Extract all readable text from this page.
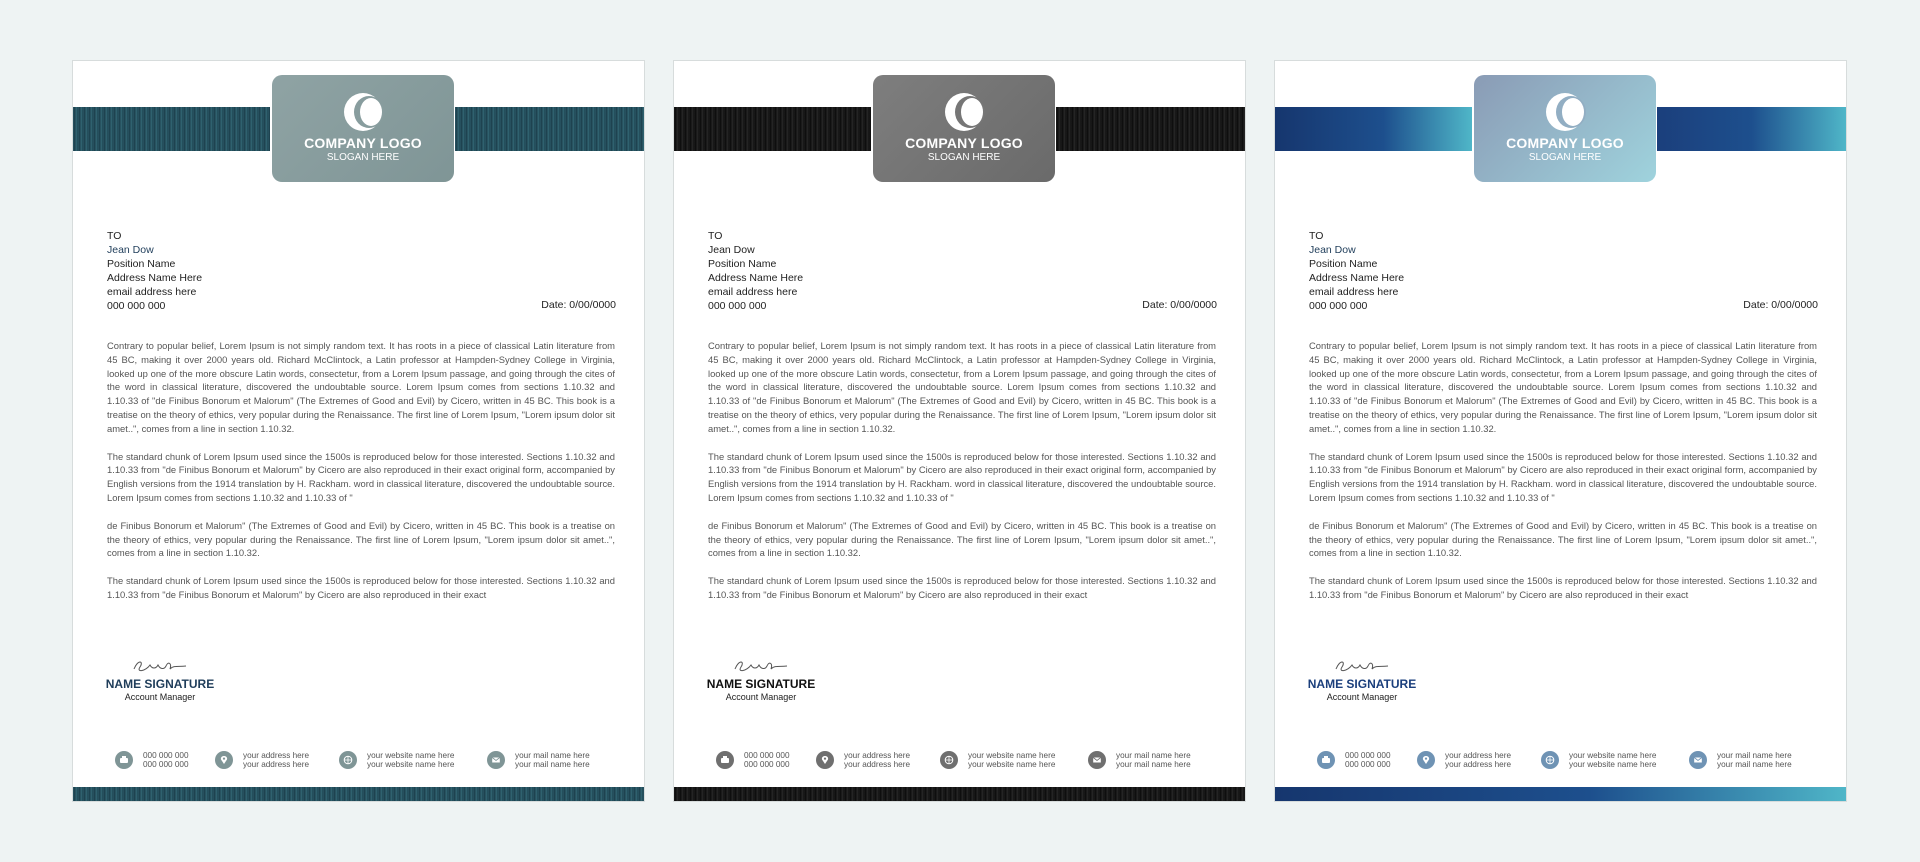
COMPANY LOGO
SLOGAN HERE
TO
Jean Dow
Position Name
Address Name Here
email address here
000 000 000	Date: 0/00/0000

Contrary to popular belief, Lorem Ipsum is not simply random text. It has roots in a piece of classical Latin literature from 45 BC, making it over 2000 years old. Richard McClintock, a Latin professor at Hampden-Sydney College in Virginia, looked up one of the more obscure Latin words, consectetur, from a Lorem Ipsum passage, and going through the cites of the word in classical literature, discovered the undoubtable source. Lorem Ipsum comes from sections 1.10.32 and 1.10.33 of "de Finibus Bonorum et Malorum" (The Extremes of Good and Evil) by Cicero, written in 45 BC. This book is a treatise on the theory of ethics, very popular during the Renaissance. The first line of Lorem Ipsum, "Lorem ipsum dolor sit amet..", comes from a line in section 1.10.32.

The standard chunk of Lorem Ipsum used since the 1500s is reproduced below for those interested. Sections 1.10.32 and 1.10.33 from "de Finibus Bonorum et Malorum" by Cicero are also reproduced in their exact original form, accompanied by English versions from the 1914 translation by H. Rackham. word in classical literature, discovered the undoubtable source. Lorem Ipsum comes from sections 1.10.32 and 1.10.33 of "

de Finibus Bonorum et Malorum" (The Extremes of Good and Evil) by Cicero, written in 45 BC. This book is a treatise on the theory of ethics, very popular during the Renaissance. The first line of Lorem Ipsum, "Lorem ipsum dolor sit amet..", comes from a line in section 1.10.32.

The standard chunk of Lorem Ipsum used since the 1500s is reproduced below for those interested. Sections 1.10.32 and 1.10.33 from "de Finibus Bonorum et Malorum" by Cicero are also reproduced in their exact

NAME SIGNATURE
Account Manager
000 000 000
000 000 000
your address here
your address here
your website name here
your website name here
your mail name here
your mail name here
COMPANY LOGO
SLOGAN HERE
TO
Jean Dow
Position Name
Address Name Here
email address here
000 000 000	Date: 0/00/0000

Contrary to popular belief, Lorem Ipsum is not simply random text. It has roots in a piece of classical Latin literature from 45 BC, making it over 2000 years old. Richard McClintock, a Latin professor at Hampden-Sydney College in Virginia, looked up one of the more obscure Latin words, consectetur, from a Lorem Ipsum passage, and going through the cites of the word in classical literature, discovered the undoubtable source. Lorem Ipsum comes from sections 1.10.32 and 1.10.33 of "de Finibus Bonorum et Malorum" (The Extremes of Good and Evil) by Cicero, written in 45 BC. This book is a treatise on the theory of ethics, very popular during the Renaissance. The first line of Lorem Ipsum, "Lorem ipsum dolor sit amet..", comes from a line in section 1.10.32.

The standard chunk of Lorem Ipsum used since the 1500s is reproduced below for those interested. Sections 1.10.32 and 1.10.33 from "de Finibus Bonorum et Malorum" by Cicero are also reproduced in their exact original form, accompanied by English versions from the 1914 translation by H. Rackham. word in classical literature, discovered the undoubtable source. Lorem Ipsum comes from sections 1.10.32 and 1.10.33 of "

de Finibus Bonorum et Malorum" (The Extremes of Good and Evil) by Cicero, written in 45 BC. This book is a treatise on the theory of ethics, very popular during the Renaissance. The first line of Lorem Ipsum, "Lorem ipsum dolor sit amet..", comes from a line in section 1.10.32.

The standard chunk of Lorem Ipsum used since the 1500s is reproduced below for those interested. Sections 1.10.32 and 1.10.33 from "de Finibus Bonorum et Malorum" by Cicero are also reproduced in their exact

NAME SIGNATURE
Account Manager
000 000 000
000 000 000
your address here
your address here
your website name here
your website name here
your mail name here
your mail name here
COMPANY LOGO
SLOGAN HERE
TO
Jean Dow
Position Name
Address Name Here
email address here
000 000 000	Date: 0/00/0000

Contrary to popular belief, Lorem Ipsum is not simply random text. It has roots in a piece of classical Latin literature from 45 BC, making it over 2000 years old. Richard McClintock, a Latin professor at Hampden-Sydney College in Virginia, looked up one of the more obscure Latin words, consectetur, from a Lorem Ipsum passage, and going through the cites of the word in classical literature, discovered the undoubtable source. Lorem Ipsum comes from sections 1.10.32 and 1.10.33 of "de Finibus Bonorum et Malorum" (The Extremes of Good and Evil) by Cicero, written in 45 BC. This book is a treatise on the theory of ethics, very popular during the Renaissance. The first line of Lorem Ipsum, "Lorem ipsum dolor sit amet..", comes from a line in section 1.10.32.

The standard chunk of Lorem Ipsum used since the 1500s is reproduced below for those interested. Sections 1.10.32 and 1.10.33 from "de Finibus Bonorum et Malorum" by Cicero are also reproduced in their exact original form, accompanied by English versions from the 1914 translation by H. Rackham. word in classical literature, discovered the undoubtable source. Lorem Ipsum comes from sections 1.10.32 and 1.10.33 of "

de Finibus Bonorum et Malorum" (The Extremes of Good and Evil) by Cicero, written in 45 BC. This book is a treatise on the theory of ethics, very popular during the Renaissance. The first line of Lorem Ipsum, "Lorem ipsum dolor sit amet..", comes from a line in section 1.10.32.

The standard chunk of Lorem Ipsum used since the 1500s is reproduced below for those interested. Sections 1.10.32 and 1.10.33 from "de Finibus Bonorum et Malorum" by Cicero are also reproduced in their exact

NAME SIGNATURE
Account Manager
000 000 000
000 000 000
your address here
your address here
your website name here
your website name here
your mail name here
your mail name here
